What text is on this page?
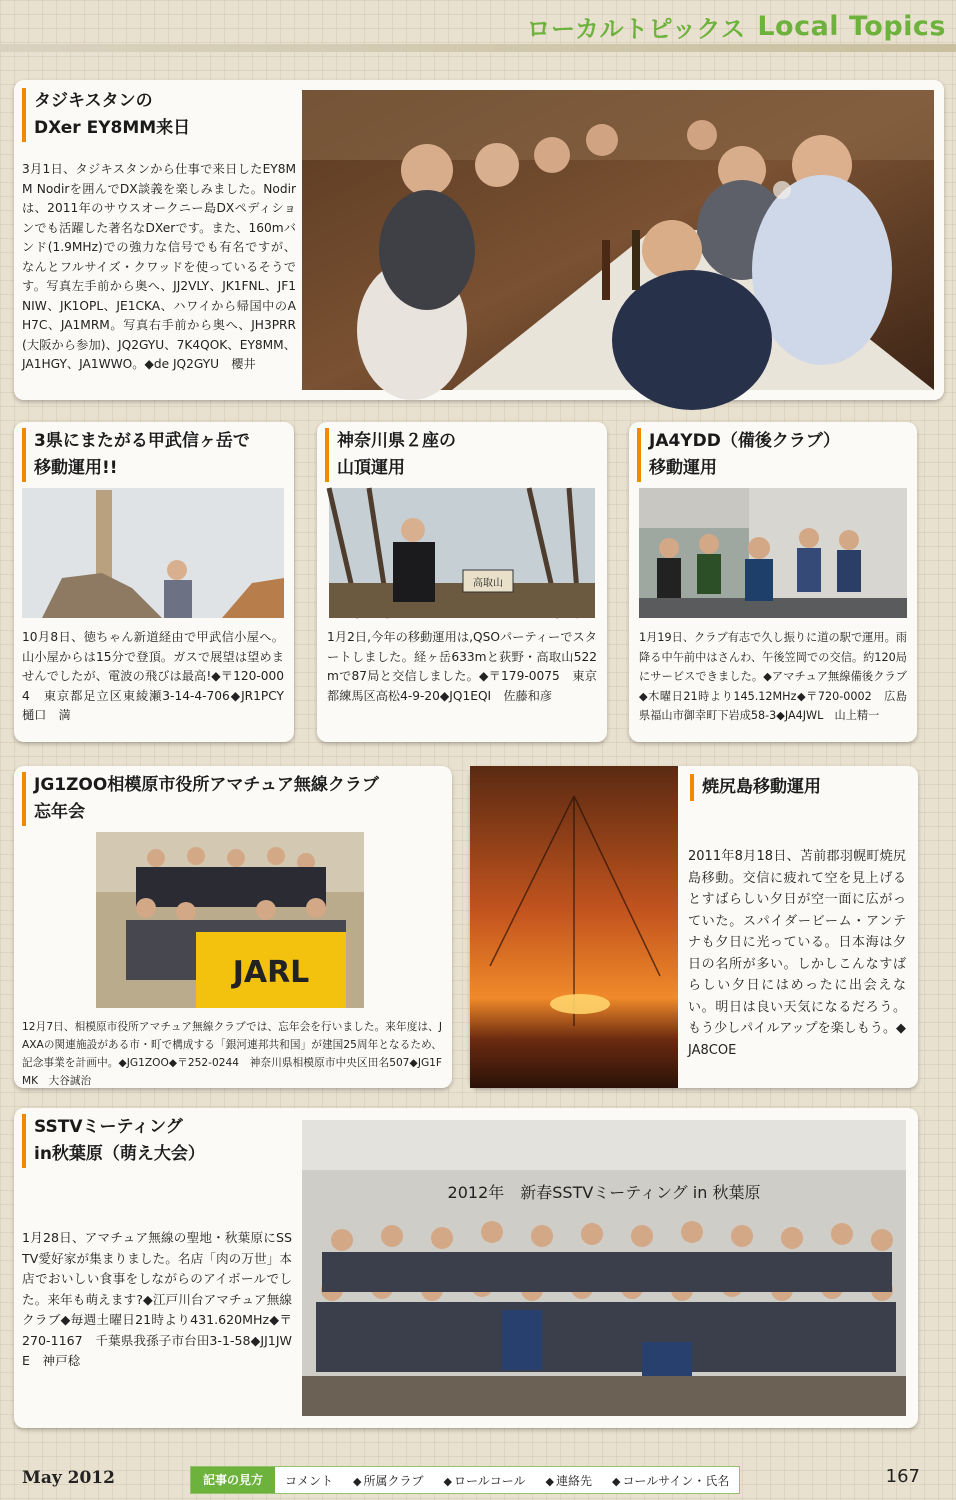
ローカルトピックス Local Topics
タジキスタンの
DXer EY8MM来日
3月1日、タジキスタンから仕事で来日したEY8MM Nodirを囲んでDX談義を楽しみました。Nodirは、2011年のサウスオークニー島DXペディションでも活躍した著名なDXerです。また、160mバンド(1.9MHz)での強力な信号でも有名ですが、なんとフルサイズ・クワッドを使っているそうです。写真左手前から奥へ、JJ2VLY、JK1FNL、JF1NIW、JK1OPL、JE1CKA、ハワイから帰国中のAH7C、JA1MRM。写真右手前から奥へ、JH3PRR(大阪から参加)、JQ2GYU、7K4QOK、EY8MM、JA1HGY、JA1WWO。◆de JQ2GYU　櫻井
3県にまたがる甲武信ヶ岳で
移動運用!!
10月8日、徳ちゃん新道経由で甲武信小屋へ。山小屋からは15分で登頂。ガスで展望は望めませんでしたが、電波の飛びは最高!◆〒120-0004　東京都足立区東綾瀬3-14-4-706◆JR1PCY　樋口　満
神奈川県２座の
山頂運用
高取山
1月2日,今年の移動運用は,QSOパーティーでスタートしました。経ヶ岳633mと荻野・高取山522mで87局と交信しました。◆〒179-0075　東京都練馬区高松4-9-20◆JQ1EQI　佐藤和彦
JA4YDD（備後クラブ）
移動運用
1月19日、クラブ有志で久し振りに道の駅で運用。雨降る中午前中はさんわ、午後笠岡での交信。約120局にサービスできました。◆アマチュア無線備後クラブ◆木曜日21時より145.12MHz◆〒720-0002　広島県福山市御幸町下岩成58-3◆JA4JWL　山上精一
JG1ZOO相模原市役所アマチュア無線クラブ
忘年会
JARL
12月7日、相模原市役所アマチュア無線クラブでは、忘年会を行いました。来年度は、JAXAの関連施設がある市・町で構成する「銀河連邦共和国」が建国25周年となるため、記念事業を計画中。◆JG1ZOO◆〒252-0244　神奈川県相模原市中央区田名507◆JG1FMK　大谷誠治
焼尻島移動運用
2011年8月18日、苫前郡羽幌町焼尻島移動。交信に疲れて空を見上げるとすばらしい夕日が空一面に広がっていた。スパイダービーム・アンテナも夕日に光っている。日本海は夕日の名所が多い。しかしこんなすばらしい夕日にはめったに出会えない。明日は良い天気になるだろう。もう少しパイルアップを楽しもう。◆JA8COE
SSTVミーティング
in秋葉原（萌え大会）
1月28日、アマチュア無線の聖地・秋葉原にSSTV愛好家が集まりました。名店「肉の万世」本店でおいしい食事をしながらのアイボールでした。来年も萌えます?◆江戸川台アマチュア無線クラブ◆毎週土曜日21時より431.620MHz◆〒270-1167　千葉県我孫子市台田3-1-58◆JJ1JWE　神戸稔
2012年　新春SSTVミーティング in 秋葉原
May 2012	記事の見方	コメント	◆ 所属クラブ	◆ ロールコール	◆ 連絡先	◆ コールサイン・氏名	167
